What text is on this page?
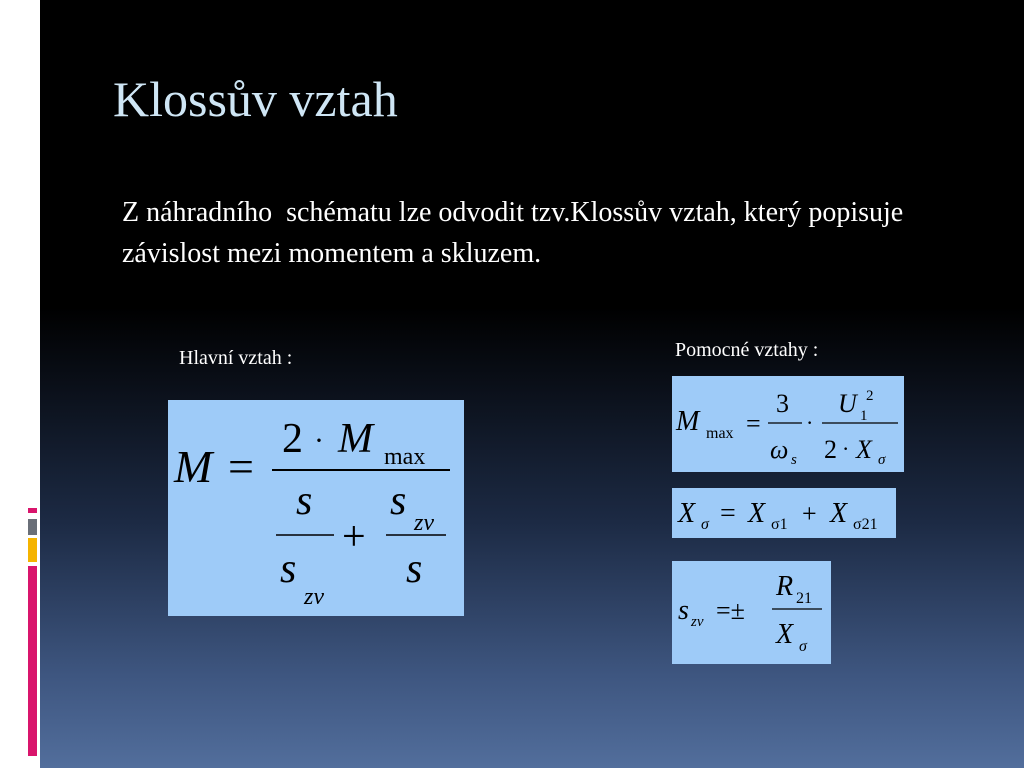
Klossův vztah

Z náhradního  schématu lze odvodit tzv.Klossův vztah, který popisuje závislost mezi momentem a skluzem.

Hlavní vztah :	Pomocné vztahy :
M =
2 · M max
s
s
zv
+
s zv
s
M max =
3
ω s
·
U 1
2
2 · X σ
X σ = X σ1 + X σ21
s zv =±
R 21
X σ
